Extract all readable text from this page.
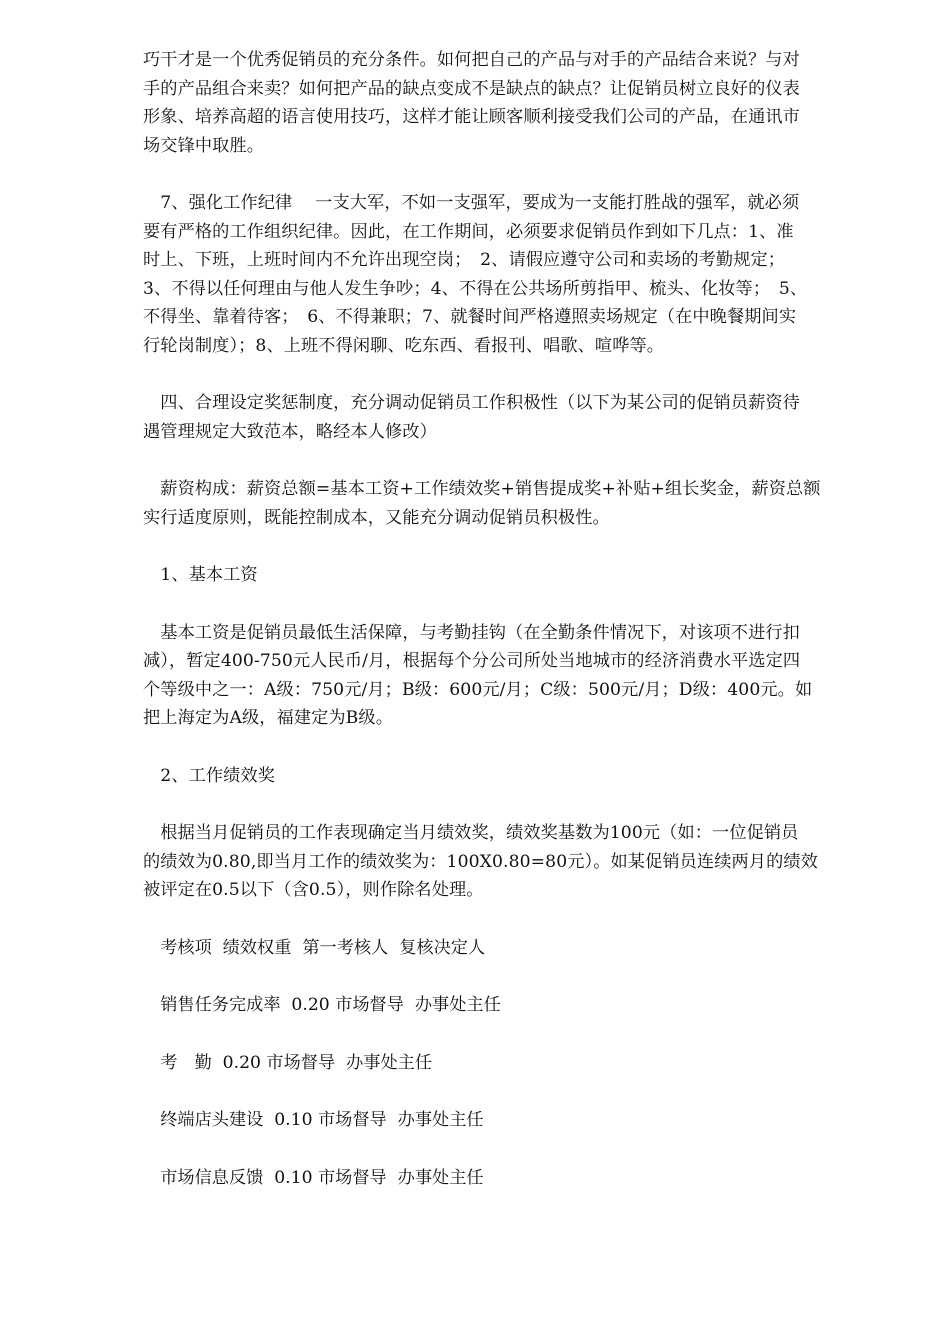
巧干才是一个优秀促销员的充分条件。如何把自己的产品与对手的产品结合来说？与对
手的产品组合来卖？如何把产品的缺点变成不是缺点的缺点？让促销员树立良好的仪表
形象、培养高超的语言使用技巧，这样才能让顾客顺利接受我们公司的产品，在通讯市
场交锋中取胜。

　7、强化工作纪律　 一支大军，不如一支强军，要成为一支能打胜战的强军，就必须
要有严格的工作组织纪律。因此，在工作期间，必须要求促销员作到如下几点：1、准
时上、下班，上班时间内不允许出现空岗；　2、请假应遵守公司和卖场的考勤规定；
3、不得以任何理由与他人发生争吵；4、不得在公共场所剪指甲、梳头、化妆等；　5、
不得坐、靠着待客；　6、不得兼职；7、就餐时间严格遵照卖场规定（在中晚餐期间实
行轮岗制度）；8、上班不得闲聊、吃东西、看报刊、唱歌、喧哗等。

　四、合理设定奖惩制度，充分调动促销员工作积极性（以下为某公司的促销员薪资待
遇管理规定大致范本，略经本人修改）

　薪资构成：薪资总额=基本工资+工作绩效奖+销售提成奖+补贴+组长奖金，薪资总额
实行适度原则，既能控制成本，又能充分调动促销员积极性。

　1、基本工资

　基本工资是促销员最低生活保障，与考勤挂钩（在全勤条件情况下，对该项不进行扣
减），暂定400-750元人民币/月，根据每个分公司所处当地城市的经济消费水平选定四
个等级中之一：A级：750元/月；B级：600元/月；C级：500元/月；D级：400元。如
把上海定为A级，福建定为B级。

　2、工作绩效奖

　根据当月促销员的工作表现确定当月绩效奖，绩效奖基数为100元（如：一位促销员
的绩效为0.80,即当月工作的绩效奖为：100X0.80=80元）。如某促销员连续两月的绩效
被评定在0.5以下（含0.5），则作除名处理。

　考核项  绩效权重  第一考核人  复核决定人
　销售任务完成率  0.20 市场督导  办事处主任
　考　勤  0.20 市场督导  办事处主任
　终端店头建设  0.10 市场督导  办事处主任
　市场信息反馈  0.10 市场督导  办事处主任
